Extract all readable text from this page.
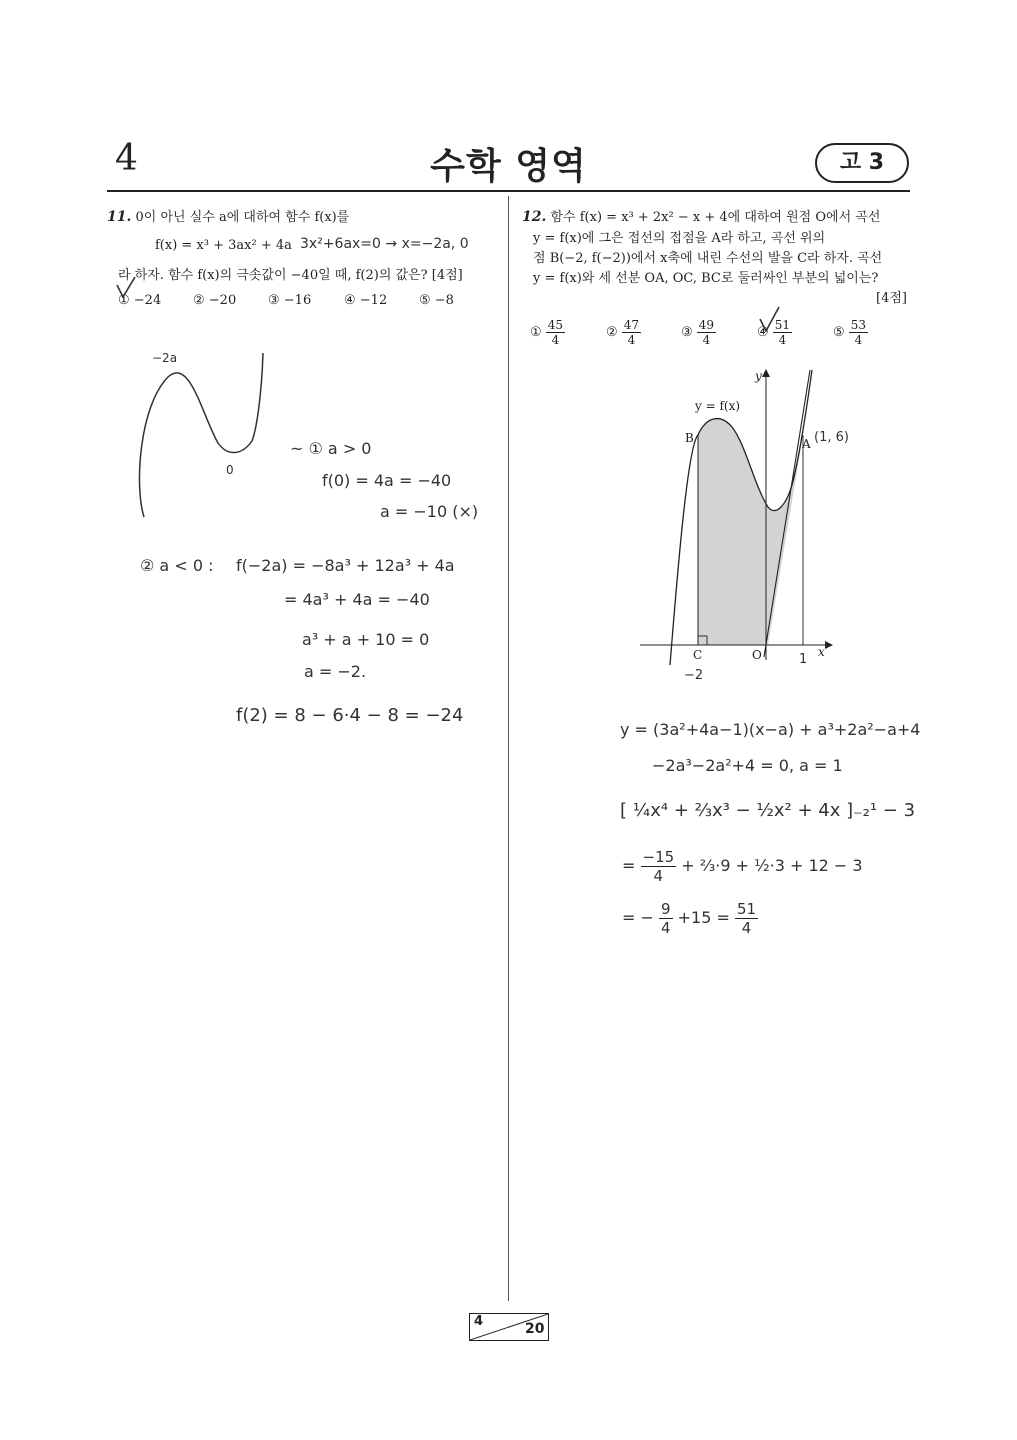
4	수학 영역	고 3
11. 0이 아닌 실수 a에 대하여 함수 f(x)를
f(x) = x³ + 3ax² + 4a
라 하자. 함수 f(x)의 극솟값이 −40일 때, f(2)의 값은? [4점]
① −24 ② −20 ③ −16	④ −12 ⑤ −8
3x²+6ax=0 → x=−2a, 0
−2a
0
~ ① a > 0
f(0) = 4a = −40
a = −10 (×)
② a < 0 : f(−2a) = −8a³ + 12a³ + 4a
= 4a³ + 4a = −40
a³ + a + 10 = 0
a = −2.
f(2) = 8 − 6·4 − 8 = −24
12. 함수 f(x) = x³ + 2x² − x + 4에 대하여 원점 O에서 곡선
y = f(x)에 그은 접선의 접점을 A라 하고, 곡선 위의
점 B(−2, f(−2))에서 x축에 내린 수선의 발을 C라 하자. 곡선
y = f(x)와 세 선분 OA, OC, BC로 둘러싸인 부분의 넓이는?
[4점]
① $\frac{45}{4}$	② $\frac{47}{4}$	③ $\frac{49}{4}$	④ $\frac{51}{4}$	⑤ $\frac{53}{4}$
y = f(x)
y
x
B	A (1, 6)
C	O
−2
1
y = (3a²+4a−1)(x−a) + a³+2a²−a+4
−2a³−2a²+4 = 0, a = 1
[ ¼x⁴ + ⅔x³ − ½x² + 4x ]₋₂¹ − 3
= $\frac{-15}{4}$ + ⅔·9 + ½·3 + 12 − 3
= − $\frac{9}{4} +15 = \frac{51}{4}$
4	20
